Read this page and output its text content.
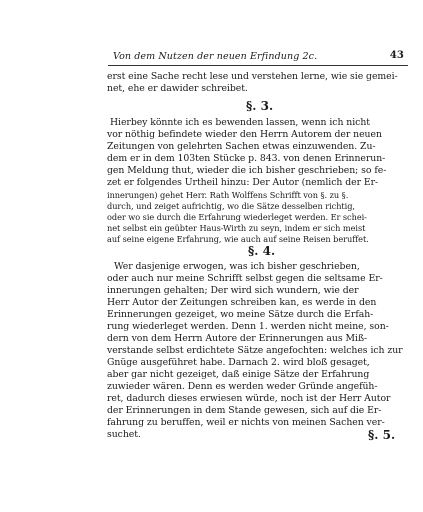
Von dem Nutzen der neuen Erfindung 2c.	43
erst eine Sache recht lese und verstehen lerne, wie sie gemei-
net, ehe er dawider schreibet.
§. 3.
Hierbey könnte ich es bewenden lassen, wenn ich nicht
vor nöthig befindete wieder den Herrn Autorem der neuen
Zeitungen von gelehrten Sachen etwas einzuwenden. Zu-
dem er in dem 103ten Stücke p. 843. von denen Erinnerun-
gen Meldung thut, wieder die ich bisher geschrieben; so fe-
zet er folgendes Urtheil hinzu: Der Autor (nemlich der Er-
innerungen) gehet Herr. Rath Wolffens Schrifft von §. zu §.
durch, und zeiget aufrichtig, wo die Sätze desselben richtig,
oder wo sie durch die Erfahrung wiederleget werden. Er schei-
net selbst ein geübter Haus-Wirth zu seyn, indem er sich meist
auf seine eigene Erfahrung, wie auch auf seine Reisen beruffet.
§. 4.
Wer dasjenige erwogen, was ich bisher geschrieben,
oder auch nur meine Schrifft selbst gegen die seltsame Er-
innerungen gehalten; Der wird sich wundern, wie der
Herr Autor der Zeitungen schreiben kan, es werde in den
Erinnerungen gezeiget, wo meine Sätze durch die Erfah-
rung wiederleget werden. Denn 1. werden nicht meine, son-
dern von dem Herrn Autore der Erinnerungen aus Miß-
verstande selbst erdichtete Sätze angefochten: welches ich zur
Gnüge ausgeführet habe. Darnach 2. wird bloß gesaget,
aber gar nicht gezeiget, daß einige Sätze der Erfahrung
zuwieder wären. Denn es werden weder Gründe angefüh-
ret, dadurch dieses erwiesen würde, noch ist der Herr Autor
der Erinnerungen in dem Stande gewesen, sich auf die Er-
fahrung zu beruffen, weil er nichts von meinen Sachen ver-
suchet.	§. 5.
